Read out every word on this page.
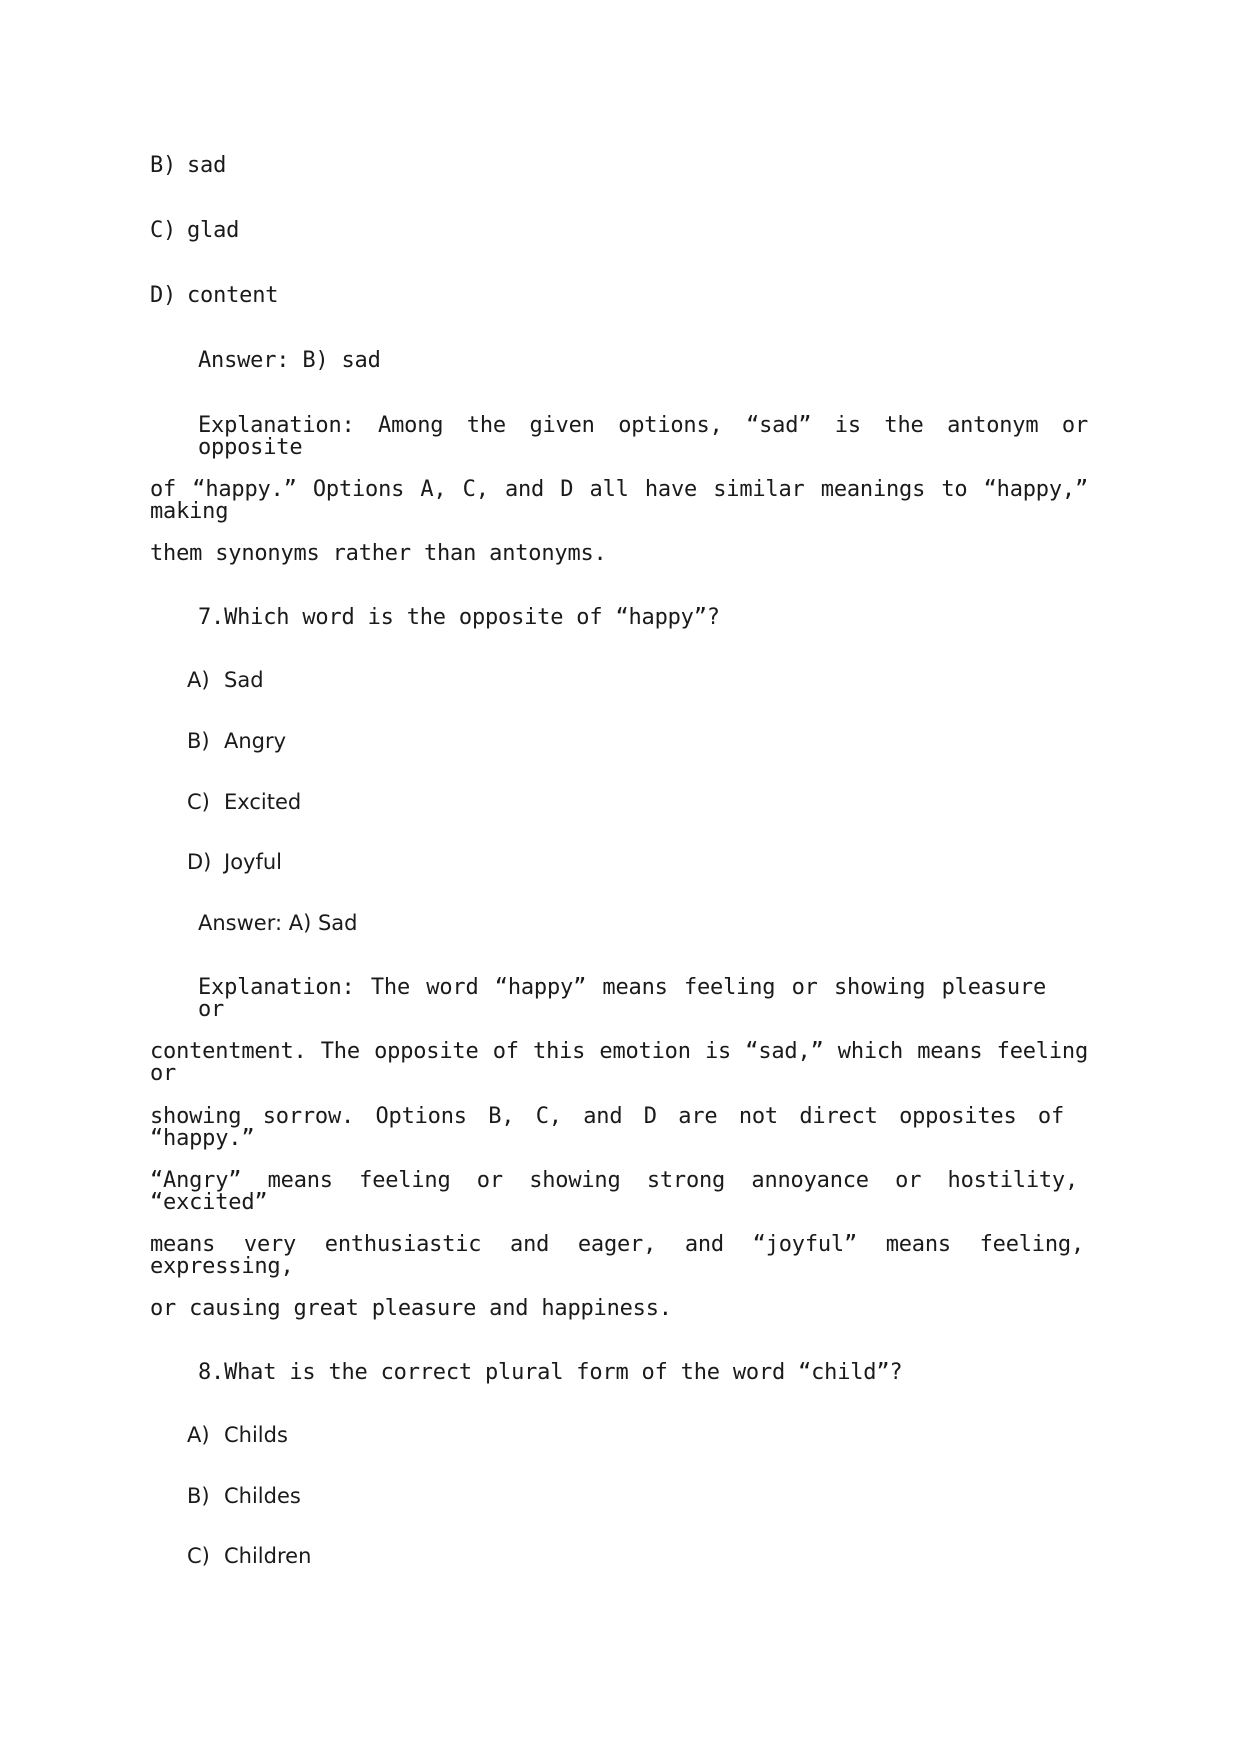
B) sad
C) glad
D) content
Answer: B) sad
Explanation: Among the given options, “sad” is the antonym or opposite
of “happy.” Options A, C, and D all have similar meanings to “happy,” making
them synonyms rather than antonyms.
7.Which word is the opposite of “happy”?
A) Sad
B) Angry
C) Excited
D) Joyful
Answer: A) Sad
Explanation: The word “happy” means feeling or showing pleasure or
contentment. The opposite of this emotion is “sad,” which means feeling or
showing sorrow. Options B, C, and D are not direct opposites of “happy.”
“Angry” means feeling or showing strong annoyance or hostility, “excited”
means very enthusiastic and eager, and “joyful” means feeling, expressing,
or causing great pleasure and happiness.
8.What is the correct plural form of the word “child”?
A) Childs
B) Childes
C) Children
